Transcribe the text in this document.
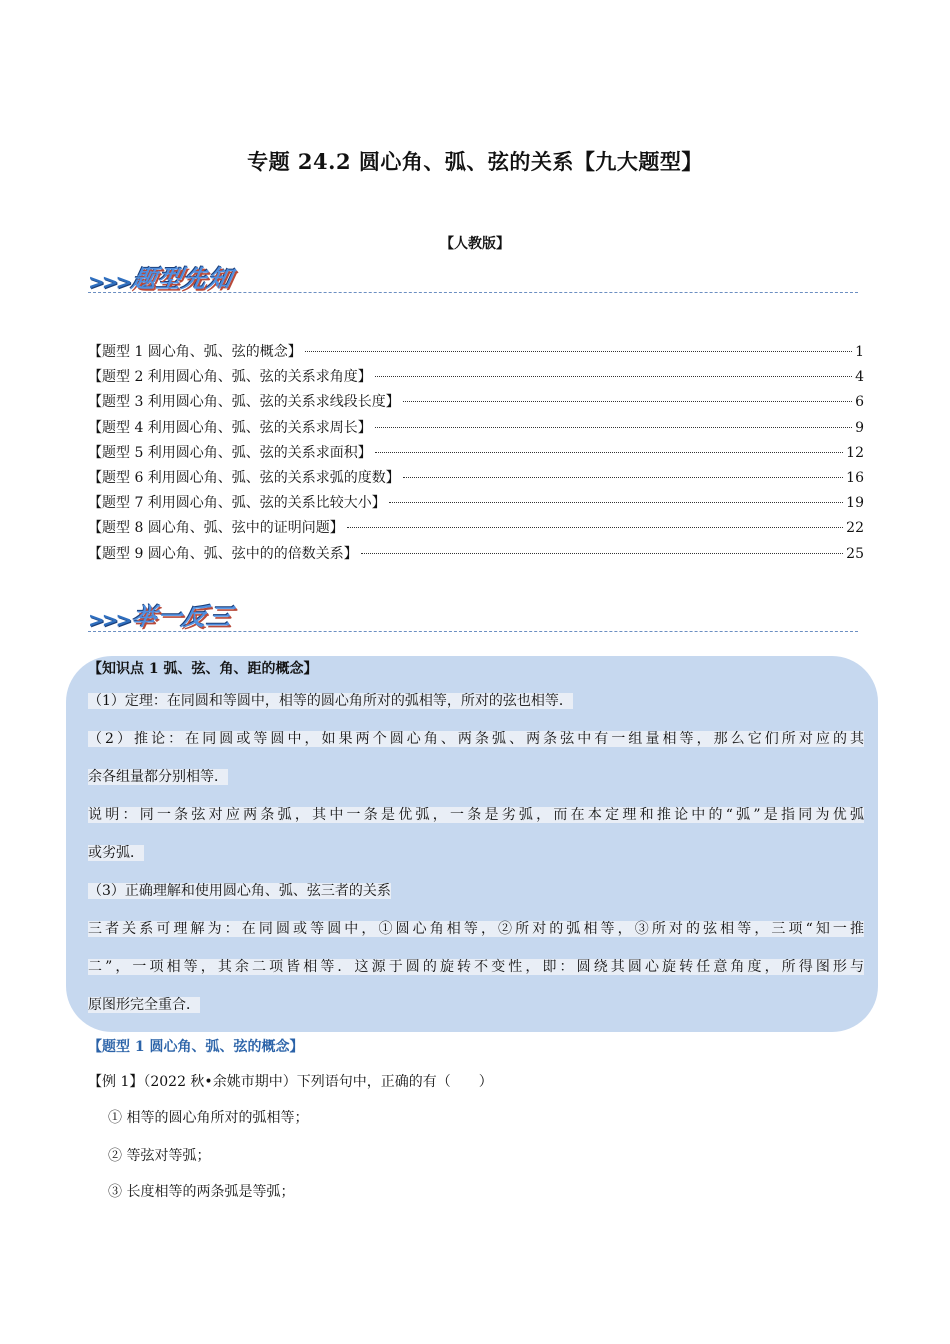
专题 24.2 圆心角、弧、弦的关系【九大题型】
【人教版】
>>> 题型先知
【题型 1 圆心角、弧、弦的概念】	1
【题型 2 利用圆心角、弧、弦的关系求角度】	4
【题型 3 利用圆心角、弧、弦的关系求线段长度】	6
【题型 4 利用圆心角、弧、弦的关系求周长】	9
【题型 5 利用圆心角、弧、弦的关系求面积】	12
【题型 6 利用圆心角、弧、弦的关系求弧的度数】	16
【题型 7 利用圆心角、弧、弦的关系比较大小】	19
【题型 8 圆心角、弧、弦中的证明问题】	22
【题型 9 圆心角、弧、弦中的的倍数关系】	25
>>> 举一反三
【知识点 1 弧、弦、角、距的概念】
（1）定理：在同圆和等圆中，相等的圆心角所对的弧相等，所对的弦也相等．
（2）推论：在同圆或等圆中，如果两个圆心角、两条弧、两条弦中有一组量相等，那么它们所对应的其
余各组量都分别相等．
说明：同一条弦对应两条弧，其中一条是优弧，一条是劣弧，而在本定理和推论中的“弧”是指同为优弧
或劣弧．
（3）正确理解和使用圆心角、弧、弦三者的关系
三者关系可理解为：在同圆或等圆中，①圆心角相等，②所对的弧相等，③所对的弦相等，三项“知一推
二”，一项相等，其余二项皆相等．这源于圆的旋转不变性，即：圆绕其圆心旋转任意角度，所得图形与
原图形完全重合．
【题型 1 圆心角、弧、弦的概念】
【例 1】（2022 秋•余姚市期中）下列语句中，正确的有（　　）
① 相等的圆心角所对的弧相等；
② 等弦对等弧；
③ 长度相等的两条弧是等弧；
